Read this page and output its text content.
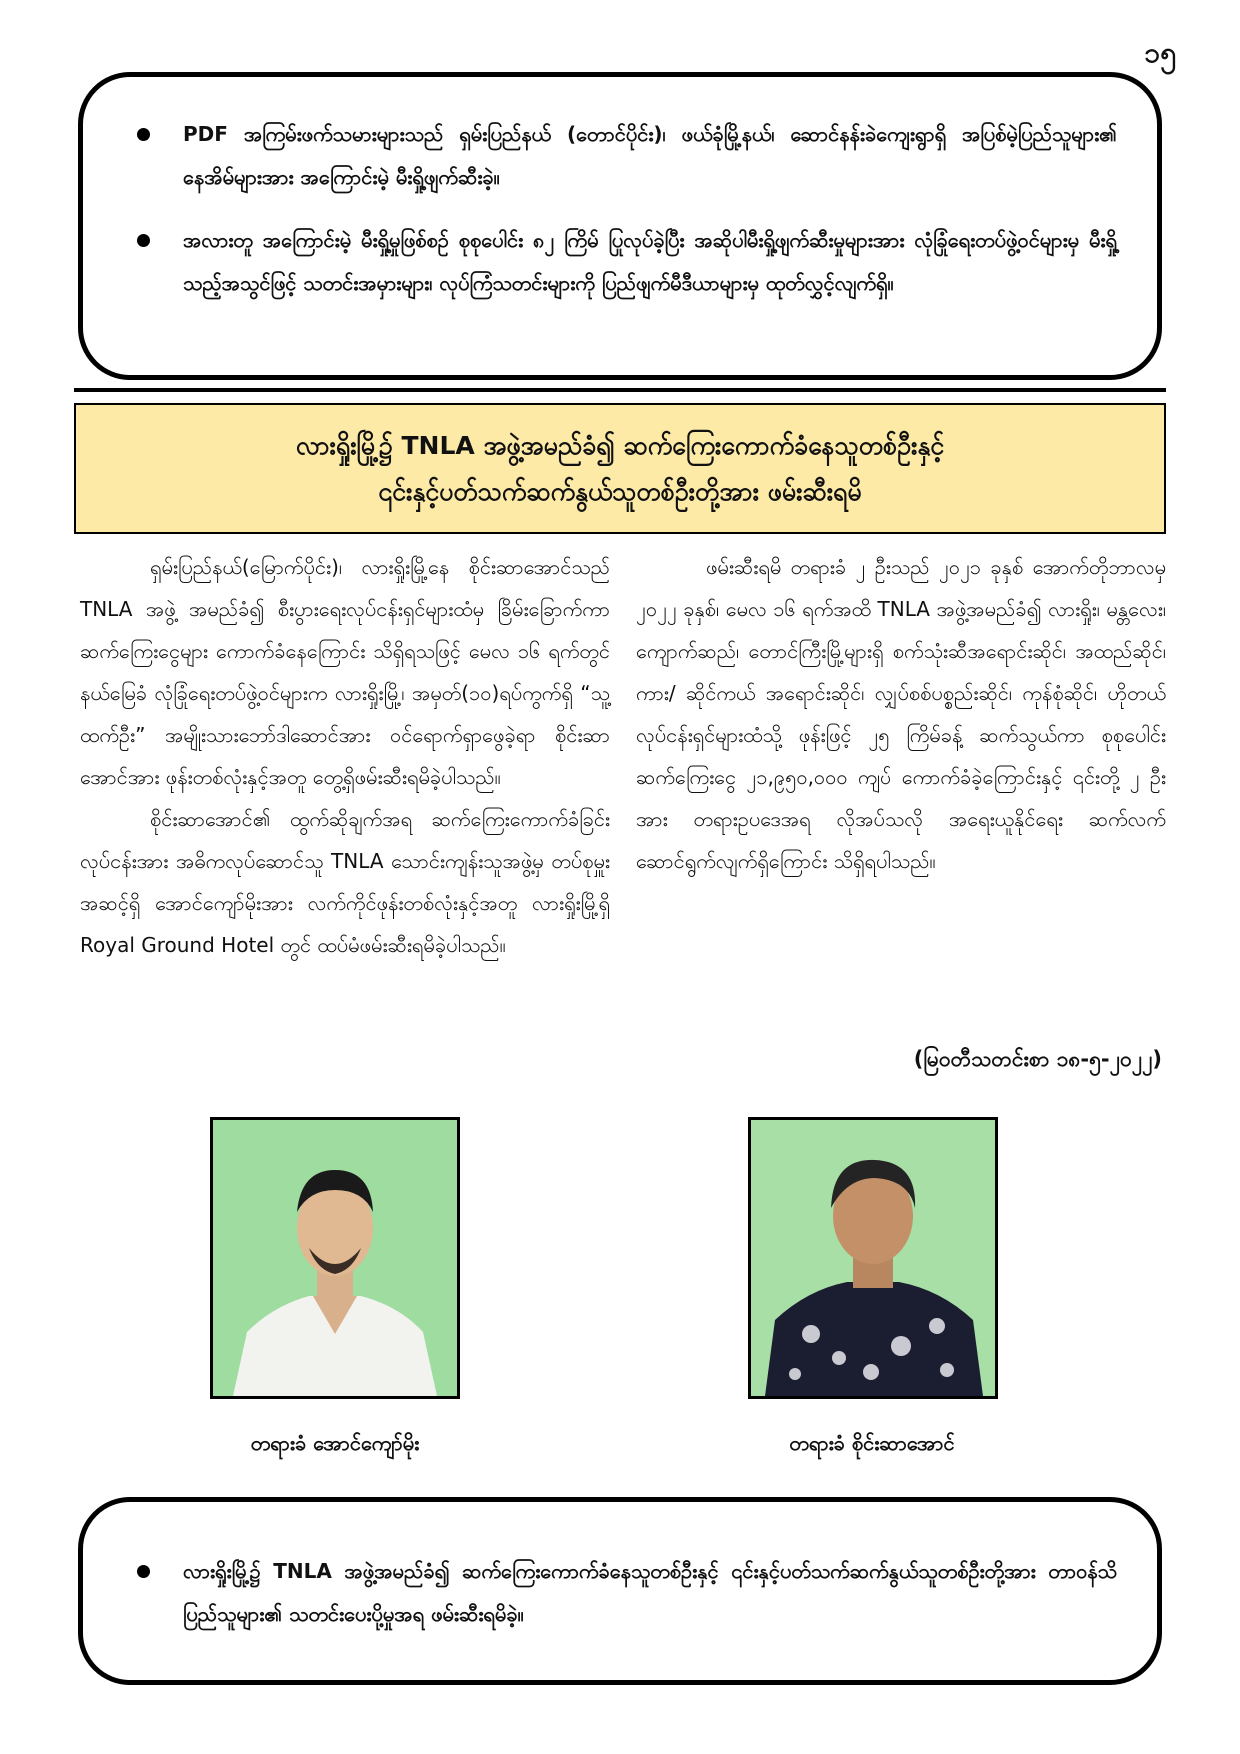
၁၅
PDF အကြမ်းဖက်သမားများသည် ရှမ်းပြည်နယ် (တောင်ပိုင်း)၊ ဖယ်ခုံမြို့နယ်၊ ဆောင်နန်းခဲကျေးရွာရှိ အပြစ်မဲ့ပြည်သူများ၏ နေအိမ်များအား အကြောင်းမဲ့ မီးရှို့ဖျက်ဆီးခဲ့။
အလားတူ အကြောင်းမဲ့ မီးရှို့မှုဖြစ်စဉ် စုစုပေါင်း ၈၂ ကြိမ် ပြုလုပ်ခဲ့ပြီး အဆိုပါမီးရှို့ဖျက်ဆီးမှုများအား လုံခြုံရေးတပ်ဖွဲ့ဝင်များမှ မီးရှို့သည့်အသွင်ဖြင့် သတင်းအမှားများ၊ လုပ်ကြံသတင်းများကို ပြည်ဖျက်မီဒီယာများမှ ထုတ်လွှင့်လျက်ရှိ။
လားရှိုးမြို့၌ TNLA အဖွဲ့အမည်ခံ၍ ဆက်ကြေးကောက်ခံနေသူတစ်ဦးနှင့်
၎င်းနှင့်ပတ်သက်ဆက်နွယ်သူတစ်ဦးတို့အား ဖမ်းဆီးရမိ

ရှမ်းပြည်နယ်(မြောက်ပိုင်း)၊ လားရှိုးမြို့နေ စိုင်းဆာအောင်သည် TNLA အဖွဲ့ အမည်ခံ၍ စီးပွားရေးလုပ်ငန်းရှင်များထံမှ ခြိမ်းခြောက်ကာ ဆက်ကြေးငွေများ ကောက်ခံနေကြောင်း သိရှိရသဖြင့် မေလ ၁၆ ရက်တွင် နယ်မြေခံ လုံခြုံရေးတပ်ဖွဲ့ဝင်များက လားရှိုးမြို့၊ အမှတ်(၁၀)ရပ်ကွက်ရှိ “သူ့ထက်ဦး” အမျိုးသားဘော်ဒါဆောင်အား ဝင်ရောက်ရှာဖွေခဲ့ရာ စိုင်းဆာအောင်အား ဖုန်းတစ်လုံးနှင့်အတူ တွေ့ရှိဖမ်းဆီးရမိခဲ့ပါသည်။

စိုင်းဆာအောင်၏ ထွက်ဆိုချက်အရ ဆက်ကြေးကောက်ခံခြင်းလုပ်ငန်းအား အဓိကလုပ်ဆောင်သူ TNLA သောင်းကျန်းသူအဖွဲ့မှ တပ်စုမှူးအဆင့်ရှိ အောင်ကျော်မိုးအား လက်ကိုင်ဖုန်းတစ်လုံးနှင့်အတူ လားရှိုးမြို့ရှိ Royal Ground Hotel တွင် ထပ်မံဖမ်းဆီးရမိခဲ့ပါသည်။

ဖမ်းဆီးရမိ တရားခံ ၂ ဦးသည် ၂၀၂၁ ခုနှစ် အောက်တိုဘာလမှ ၂၀၂၂ ခုနှစ်၊ မေလ ၁၆ ရက်အထိ TNLA အဖွဲ့အမည်ခံ၍ လားရှိုး၊ မန္တလေး၊ ကျောက်ဆည်၊ တောင်ကြီးမြို့များရှိ စက်သုံးဆီအရောင်းဆိုင်၊ အထည်ဆိုင်၊ ကား/ ဆိုင်ကယ် အရောင်းဆိုင်၊ လျှပ်စစ်ပစ္စည်းဆိုင်၊ ကုန်စုံဆိုင်၊ ဟိုတယ်လုပ်ငန်းရှင်များထံသို့ ဖုန်းဖြင့် ၂၅ ကြိမ်ခန့် ဆက်သွယ်ကာ စုစုပေါင်း ဆက်ကြေးငွေ ၂၁,၉၅၀,၀၀၀ ကျပ် ကောက်ခံခဲ့ကြောင်းနှင့် ၎င်းတို့ ၂ ဦးအား တရားဥပဒေအရ လိုအပ်သလို အရေးယူနိုင်ရေး ဆက်လက်ဆောင်ရွက်လျက်ရှိကြောင်း သိရှိရပါသည်။

(မြဝတီသတင်းစာ ၁၈-၅-၂၀၂၂)
တရားခံ အောင်ကျော်မိုး	တရားခံ စိုင်းဆာအောင်
လားရှိုးမြို့၌ TNLA အဖွဲ့အမည်ခံ၍ ဆက်ကြေးကောက်ခံနေသူတစ်ဦးနှင့် ၎င်းနှင့်ပတ်သက်ဆက်နွယ်သူတစ်ဦးတို့အား တာဝန်သိပြည်သူများ၏ သတင်းပေးပို့မှုအရ ဖမ်းဆီးရမိခဲ့။
